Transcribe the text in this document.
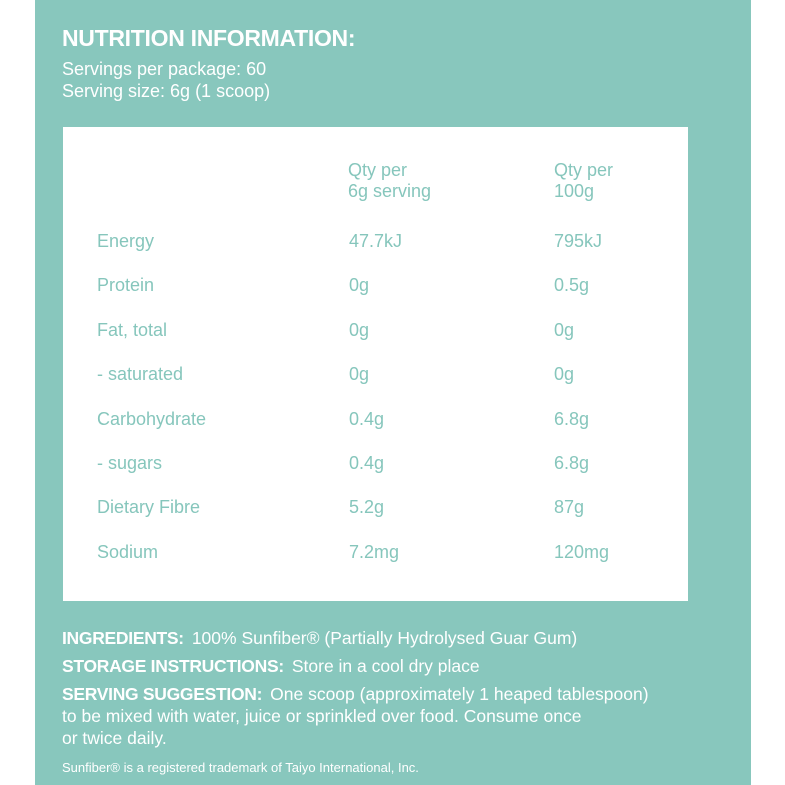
NUTRITION INFORMATION:
Servings per package: 60
Serving size: 6g (1 scoop)
Qty per
6g serving
Qty per
100g
Energy	47.7kJ	795kJ
Protein	0g	0.5g
Fat, total	0g	0g
- saturated	0g	0g
Carbohydrate	0.4g	6.8g
- sugars	0.4g	6.8g
Dietary Fibre	5.2g	87g
Sodium	7.2mg	120mg
INGREDIENTS: 100% Sunfiber® (Partially Hydrolysed Guar Gum)
STORAGE INSTRUCTIONS: Store in a cool dry place
SERVING SUGGESTION: One scoop (approximately 1 heaped tablespoon)
to be mixed with water, juice or sprinkled over food. Consume once
or twice daily.
Sunfiber® is a registered trademark of Taiyo International, Inc.
